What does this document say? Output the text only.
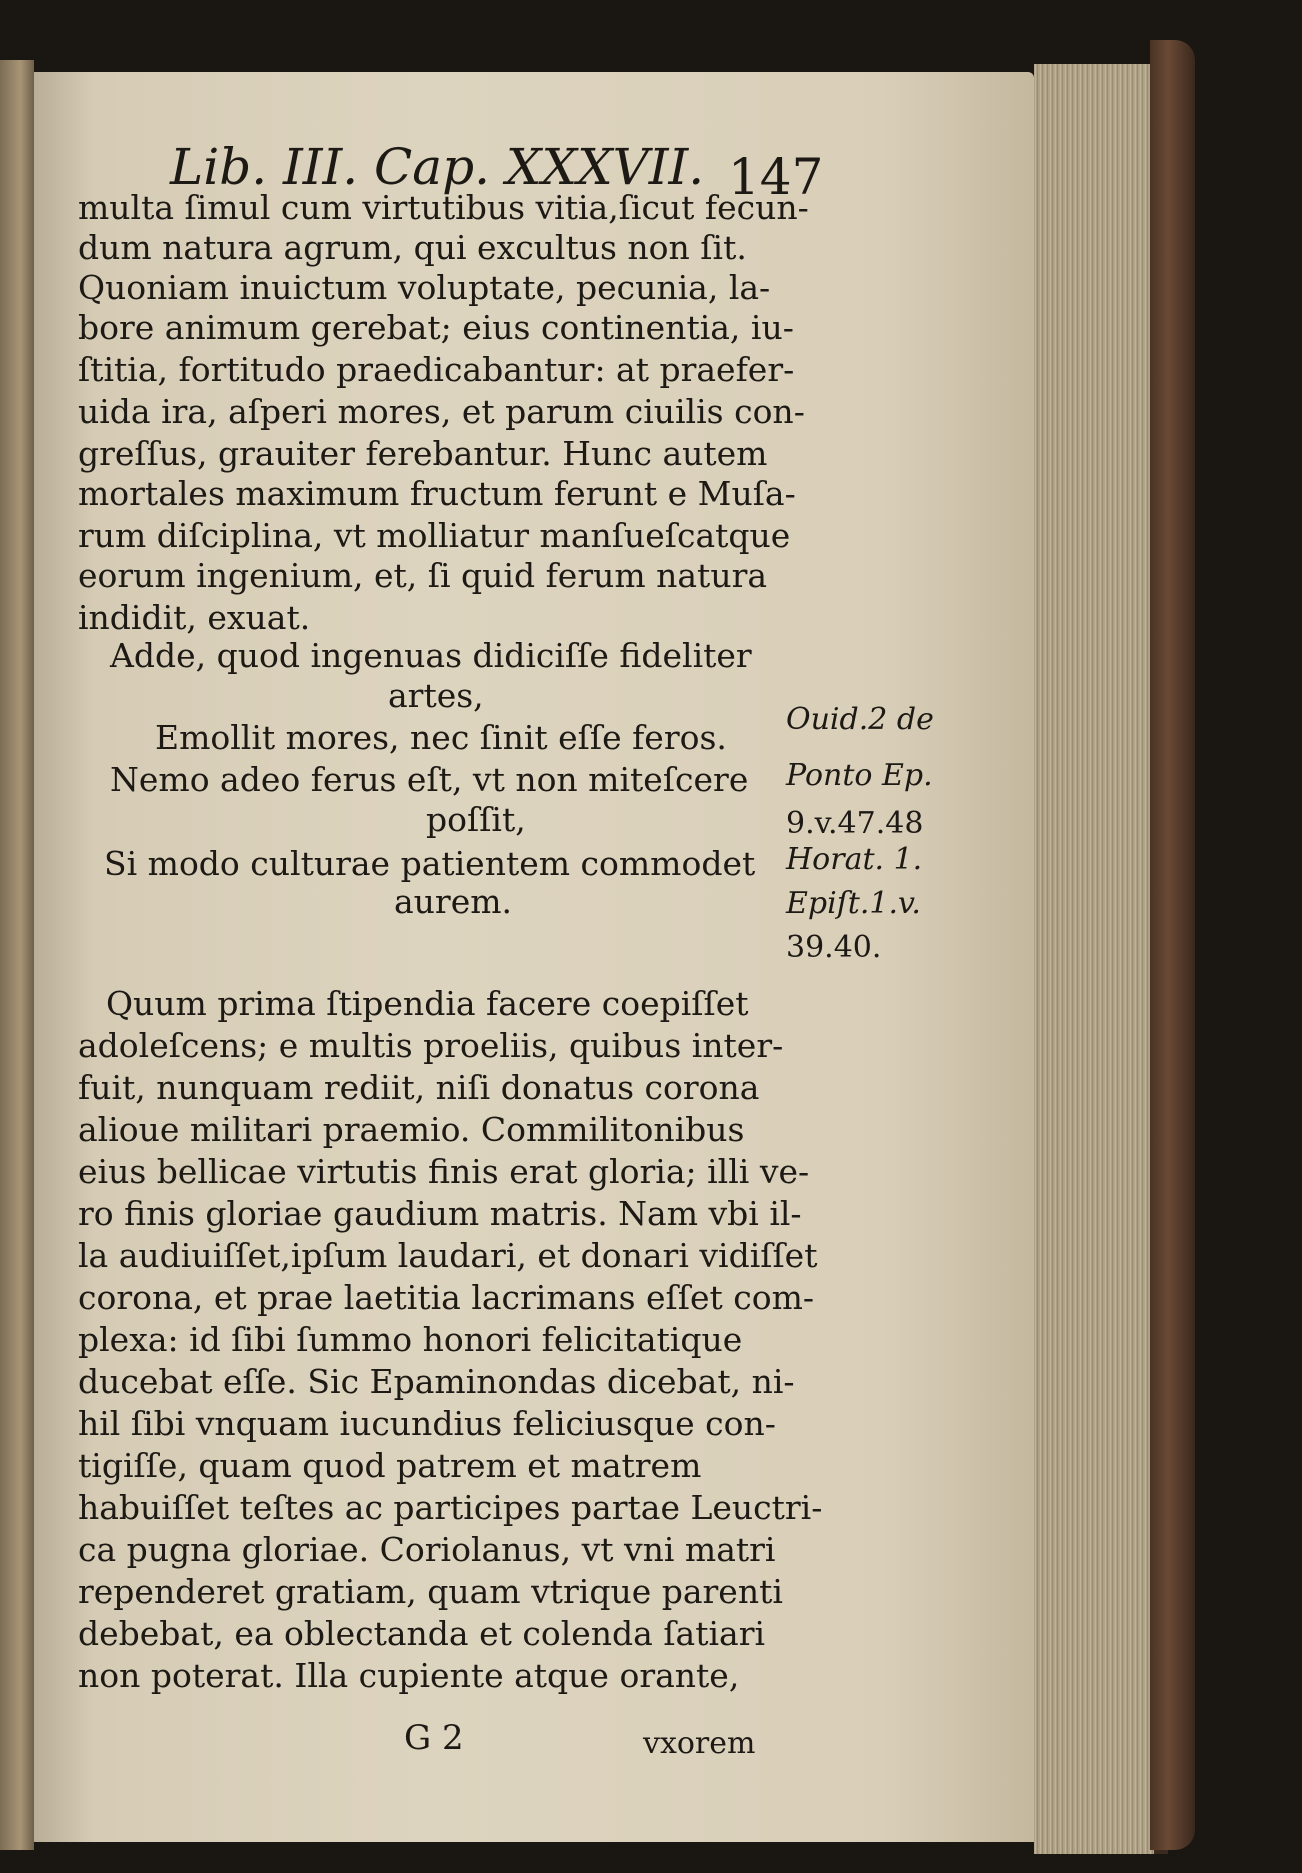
Lib. III. Cap. XXXVII. 147
multa ſimul cum virtutibus vitia,ſicut fecun-
dum natura agrum, qui excultus non ſit.
Quoniam inuictum voluptate, pecunia, la-
bore animum gerebat; eius continentia, iu-
ſtitia, fortitudo praedicabantur: at praefer-
uida ira, aſperi mores, et parum ciuilis con-
greſſus, grauiter ferebantur. Hunc autem
mortales maximum fructum ferunt e Muſa-
rum diſciplina, vt molliatur manſueſcatque
eorum ingenium, et, ſi quid ferum natura
indidit, exuat.
Adde, quod ingenuas didiciſſe fideliter
artes,
Emollit mores, nec ſinit eſſe feros.
Nemo adeo ferus eſt, vt non miteſcere
poſſit,
Si modo culturae patientem commodet
aurem.
Ouid.2 de
Ponto Ep.
9.v.47.48
Horat. 1.
Epiſt.1.v.
39.40.
Quum prima ſtipendia facere coepiſſet
adoleſcens; e multis proeliis, quibus inter-
fuit, nunquam rediit, niſi donatus corona
alioue militari praemio. Commilitonibus
eius bellicae virtutis finis erat gloria; illi ve-
ro finis gloriae gaudium matris. Nam vbi il-
la audiuiſſet,ipſum laudari, et donari vidiſſet
corona, et prae laetitia lacrimans eſſet com-
plexa: id ſibi ſummo honori felicitatique
ducebat eſſe. Sic Epaminondas dicebat, ni-
hil ſibi vnquam iucundius feliciusque con-
tigiſſe, quam quod patrem et matrem
habuiſſet teſtes ac participes partae Leuctri-
ca pugna gloriae. Coriolanus, vt vni matri
rependeret gratiam, quam vtrique parenti
debebat, ea oblectanda et colenda ſatiari
non poterat. Illa cupiente atque orante,
G 2	vxorem
